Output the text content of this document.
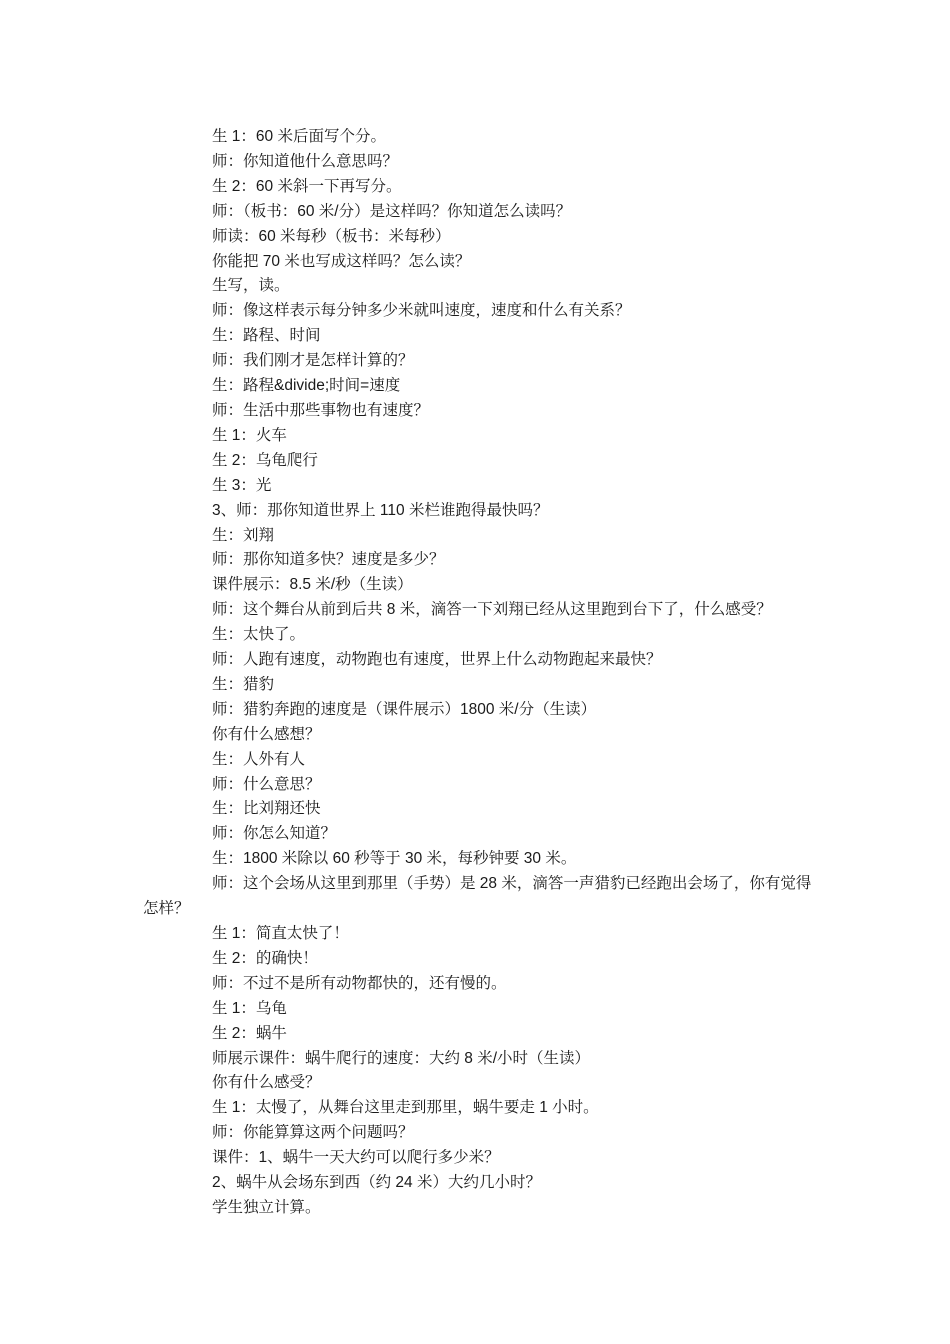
生 1：60 米后面写个分。

师：你知道他什么意思吗？

生 2：60 米斜一下再写分。

师：（板书：60 米/分）是这样吗？你知道怎么读吗？

师读：60 米每秒（板书：米每秒）

你能把 70 米也写成这样吗？怎么读？

生写，读。

师：像这样表示每分钟多少米就叫速度，速度和什么有关系？

生：路程、时间

师：我们刚才是怎样计算的？

生：路程&divide;时间=速度

师：生活中那些事物也有速度？

生 1：火车

生 2：乌龟爬行

生 3：光

3、师：那你知道世界上 110 米栏谁跑得最快吗？

生：刘翔

师：那你知道多快？速度是多少？

课件展示：8.5 米/秒（生读）

师：这个舞台从前到后共 8 米，滴答一下刘翔已经从这里跑到台下了，什么感受？

生：太快了。

师：人跑有速度，动物跑也有速度，世界上什么动物跑起来最快？

生：猎豹

师：猎豹奔跑的速度是（课件展示）1800 米/分（生读）

你有什么感想？

生：人外有人

师：什么意思？

生：比刘翔还快

师：你怎么知道？

生：1800 米除以 60 秒等于 30 米，每秒钟要 30 米。

师：这个会场从这里到那里（手势）是 28 米，滴答一声猎豹已经跑出会场了，你有觉得怎样？

生 1：简直太快了！

生 2：的确快！

师：不过不是所有动物都快的，还有慢的。

生 1：乌龟

生 2：蜗牛

师展示课件：蜗牛爬行的速度：大约 8 米/小时（生读）

你有什么感受？

生 1：太慢了，从舞台这里走到那里，蜗牛要走 1 小时。

师：你能算算这两个问题吗？

课件：1、蜗牛一天大约可以爬行多少米？

2、蜗牛从会场东到西（约 24 米）大约几小时？

学生独立计算。
